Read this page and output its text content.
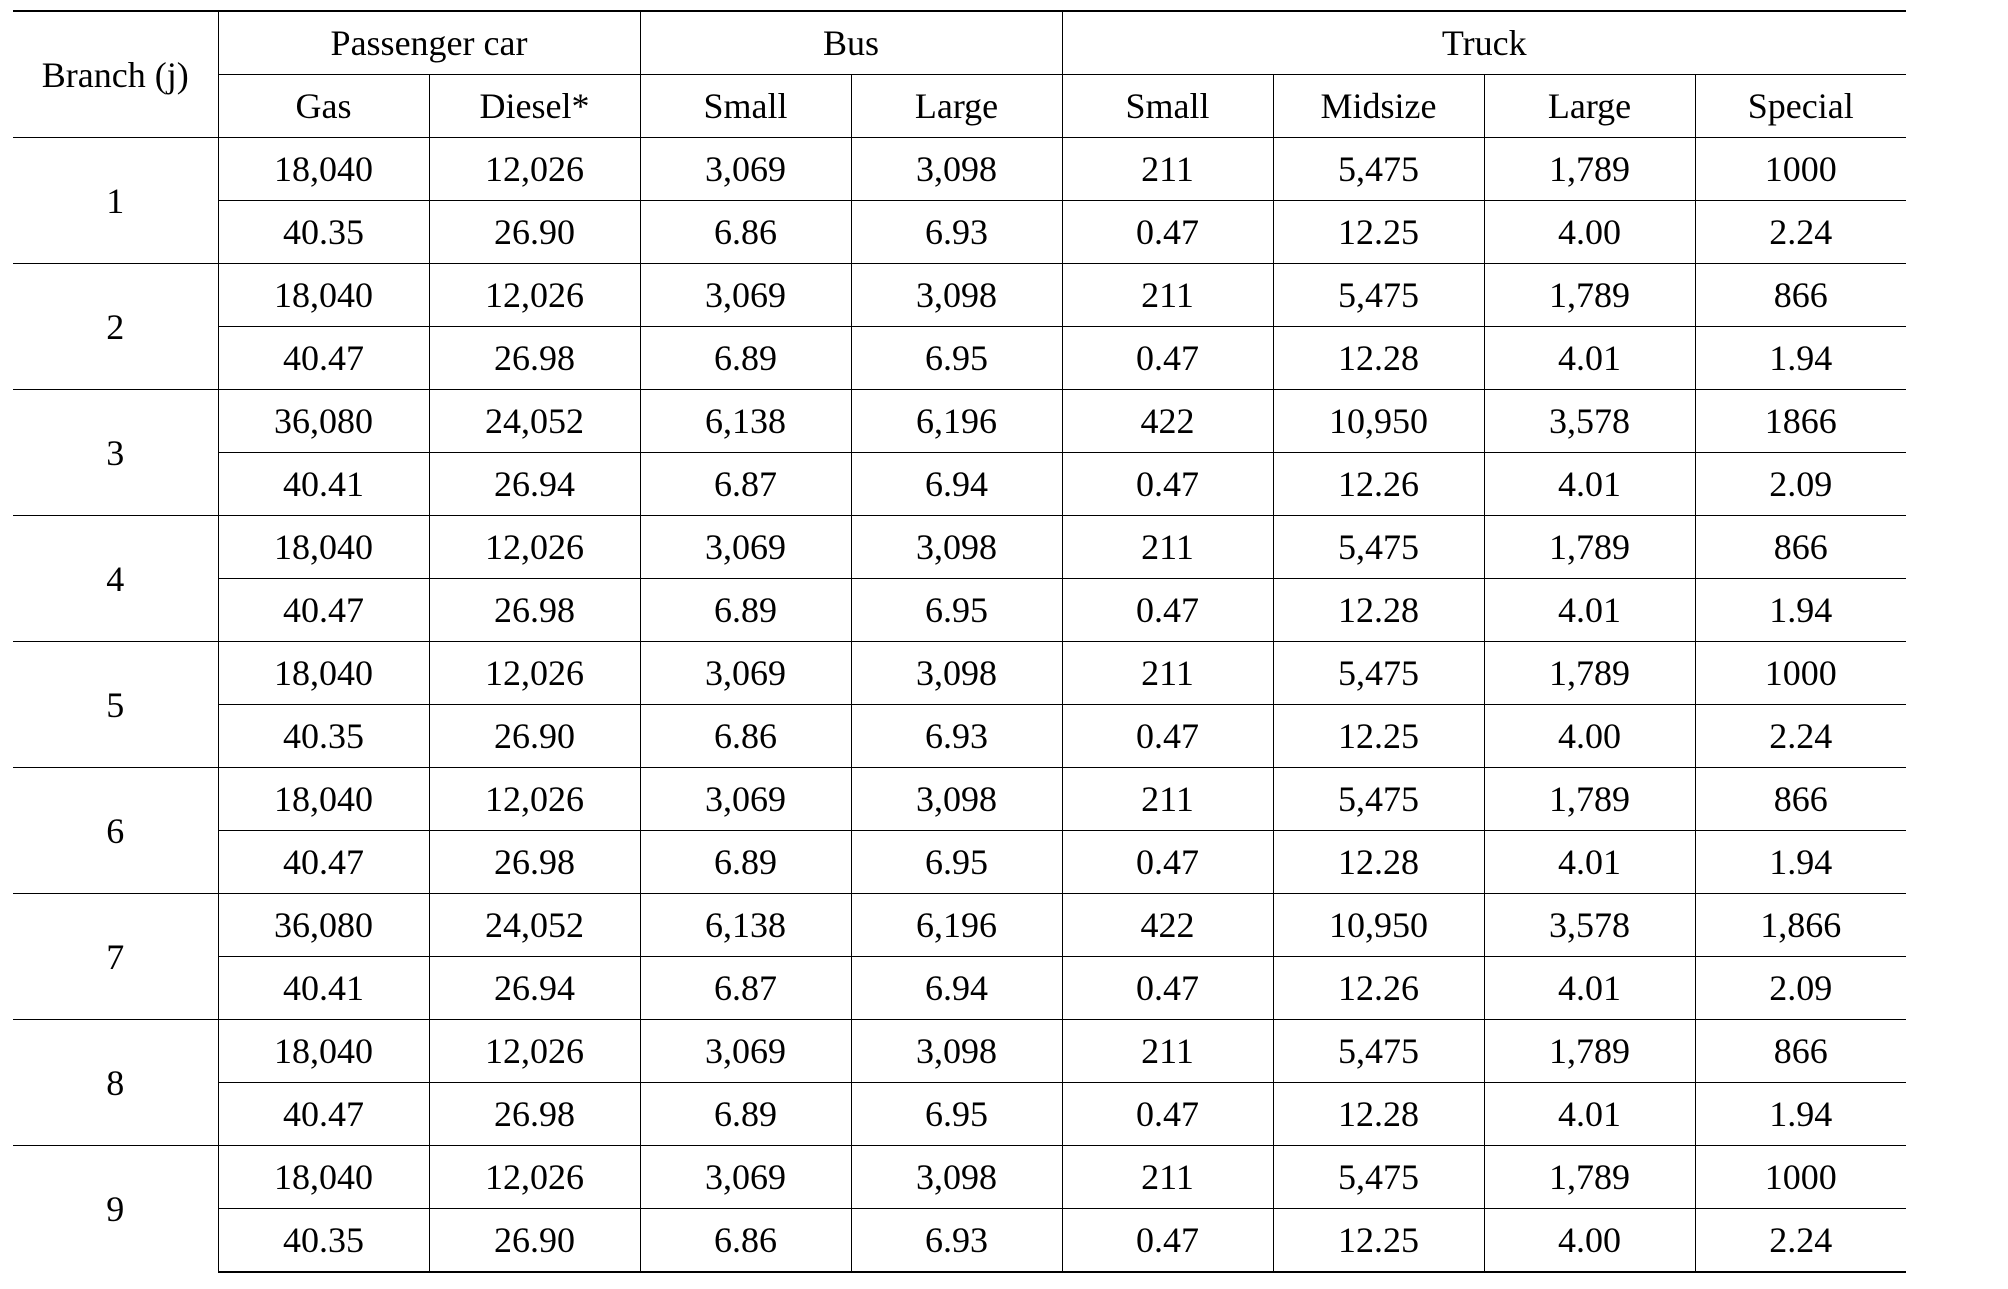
Branch (j)	Passenger car		Bus		Truck			
	Gas	Diesel*	Small	Large	Small	Midsize	Large	Special
1	18,040	12,026	3,069	3,098	211	5,475	1,789	1000
	40.35	26.90	6.86	6.93	0.47	12.25	4.00	2.24
2	18,040	12,026	3,069	3,098	211	5,475	1,789	866
	40.47	26.98	6.89	6.95	0.47	12.28	4.01	1.94
3	36,080	24,052	6,138	6,196	422	10,950	3,578	1866
	40.41	26.94	6.87	6.94	0.47	12.26	4.01	2.09
4	18,040	12,026	3,069	3,098	211	5,475	1,789	866
	40.47	26.98	6.89	6.95	0.47	12.28	4.01	1.94
5	18,040	12,026	3,069	3,098	211	5,475	1,789	1000
	40.35	26.90	6.86	6.93	0.47	12.25	4.00	2.24
6	18,040	12,026	3,069	3,098	211	5,475	1,789	866
	40.47	26.98	6.89	6.95	0.47	12.28	4.01	1.94
7	36,080	24,052	6,138	6,196	422	10,950	3,578	1,866
	40.41	26.94	6.87	6.94	0.47	12.26	4.01	2.09
8	18,040	12,026	3,069	3,098	211	5,475	1,789	866
	40.47	26.98	6.89	6.95	0.47	12.28	4.01	1.94
9	18,040	12,026	3,069	3,098	211	5,475	1,789	1000
	40.35	26.90	6.86	6.93	0.47	12.25	4.00	2.24
